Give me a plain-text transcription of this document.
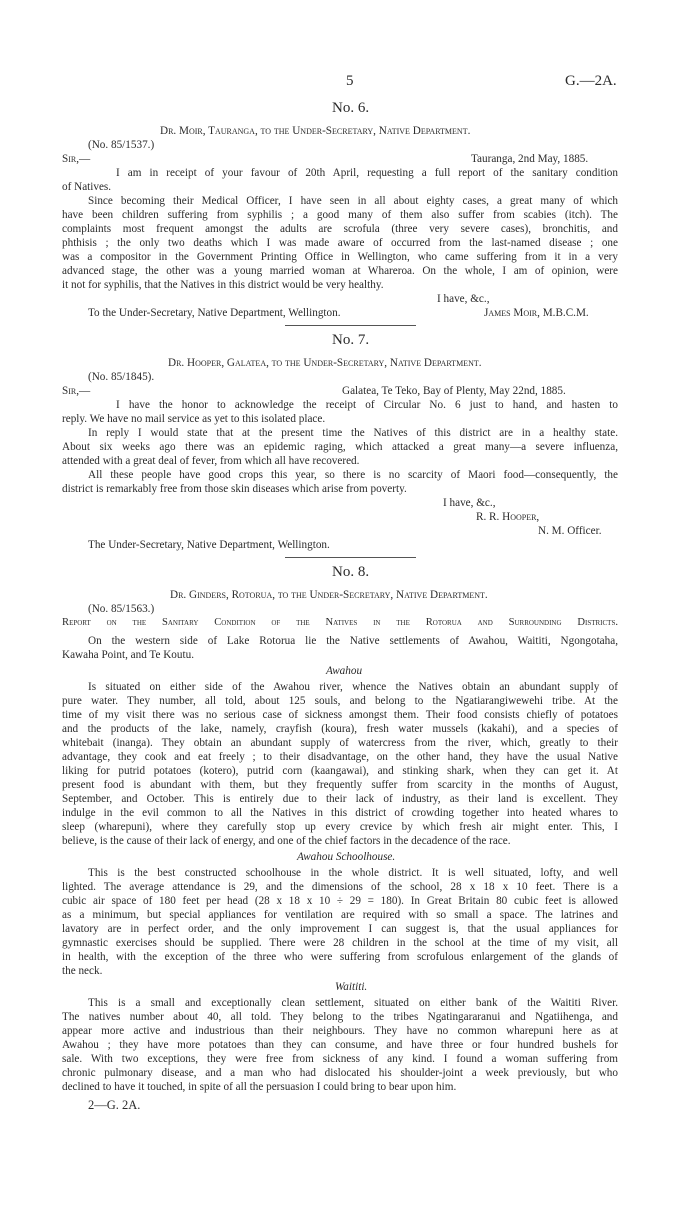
5	G.—2A.
No. 6.
Dr. Moir, Tauranga, to the Under-Secretary, Native Department.
(No. 85/1537.)
Sir,—	Tauranga, 2nd May, 1885.
I am in receipt of your favour of 20th April, requesting a full report of the sanitary condition
of Natives.
Since becoming their Medical Officer, I have seen in all about eighty cases, a great many of which
have been children suffering from syphilis ; a good many of them also suffer from scabies (itch). The
complaints most frequent amongst the adults are scrofula (three very severe cases), bronchitis, and
phthisis ; the only two deaths which I was made aware of occurred from the last-named disease ; one
was a compositor in the Government Printing Office in Wellington, who came suffering from it in a very
advanced stage, the other was a young married woman at Whareroa. On the whole, I am of opinion, were
it not for syphilis, that the Natives in this district would be very healthy.
I have, &c.,
To the Under-Secretary, Native Department, Wellington.	James Moir, M.B.C.M.
No. 7.
Dr. Hooper, Galatea, to the Under-Secretary, Native Department.
(No. 85/1845).
Sir,—	Galatea, Te Teko, Bay of Plenty, May 22nd, 1885.
I have the honor to acknowledge the receipt of Circular No. 6 just to hand, and hasten to
reply. We have no mail service as yet to this isolated place.
In reply I would state that at the present time the Natives of this district are in a healthy state.
About six weeks ago there was an epidemic raging, which attacked a great many—a severe influenza,
attended with a great deal of fever, from which all have recovered.
All these people have good crops this year, so there is no scarcity of Maori food—consequently, the
district is remarkably free from those skin diseases which arise from poverty.
I have, &c.,
R. R. Hooper,
N. M. Officer.
The Under-Secretary, Native Department, Wellington.
No. 8.
Dr. Ginders, Rotorua, to the Under-Secretary, Native Department.
(No. 85/1563.)
Report on the Sanitary Condition of the Natives in the Rotorua and Surrounding Districts.
On the western side of Lake Rotorua lie the Native settlements of Awahou, Waititi, Ngongotaha,
Kawaha Point, and Te Koutu.
Awahou
Is situated on either side of the Awahou river, whence the Natives obtain an abundant supply of
pure water. They number, all told, about 125 souls, and belong to the Ngatiarangiwewehi tribe. At the
time of my visit there was no serious case of sickness amongst them. Their food consists chiefly of potatoes
and the products of the lake, namely, crayfish (koura), fresh water mussels (kakahi), and a species of
whitebait (inanga). They obtain an abundant supply of watercress from the river, which, greatly to their
advantage, they cook and eat freely ; to their disadvantage, on the other hand, they have the usual Native
liking for putrid potatoes (kotero), putrid corn (kaangawai), and stinking shark, when they can get it. At
present food is abundant with them, but they frequently suffer from scarcity in the months of August,
September, and October. This is entirely due to their lack of industry, as their land is excellent. They
indulge in the evil common to all the Natives in this district of crowding together into heated whares to
sleep (wharepuni), where they carefully stop up every crevice by which fresh air might enter. This, I
believe, is the cause of their lack of energy, and one of the chief factors in the decadence of the race.
Awahou Schoolhouse.
This is the best constructed schoolhouse in the whole district. It is well situated, lofty, and well
lighted. The average attendance is 29, and the dimensions of the school, 28 x 18 x 10 feet. There is a
cubic air space of 180 feet per head (28 x 18 x 10 ÷ 29 = 180). In Great Britain 80 cubic feet is allowed
as a minimum, but special appliances for ventilation are required with so small a space. The latrines and
lavatory are in perfect order, and the only improvement I can suggest is, that the usual appliances for
gymnastic exercises should be supplied. There were 28 children in the school at the time of my visit, all
in health, with the exception of the three who were suffering from scrofulous enlargement of the glands of
the neck.
Waititi.
This is a small and exceptionally clean settlement, situated on either bank of the Waititi River.
The natives number about 40, all told. They belong to the tribes Ngatingararanui and Ngatiihenga, and
appear more active and industrious than their neighbours. They have no common wharepuni here as at
Awahou ; they have more potatoes than they can consume, and have three or four hundred bushels for
sale. With two exceptions, they were free from sickness of any kind. I found a woman suffering from
chronic pulmonary disease, and a man who had dislocated his shoulder-joint a week previously, but who
declined to have it touched, in spite of all the persuasion I could bring to bear upon him.
2—G. 2A.
